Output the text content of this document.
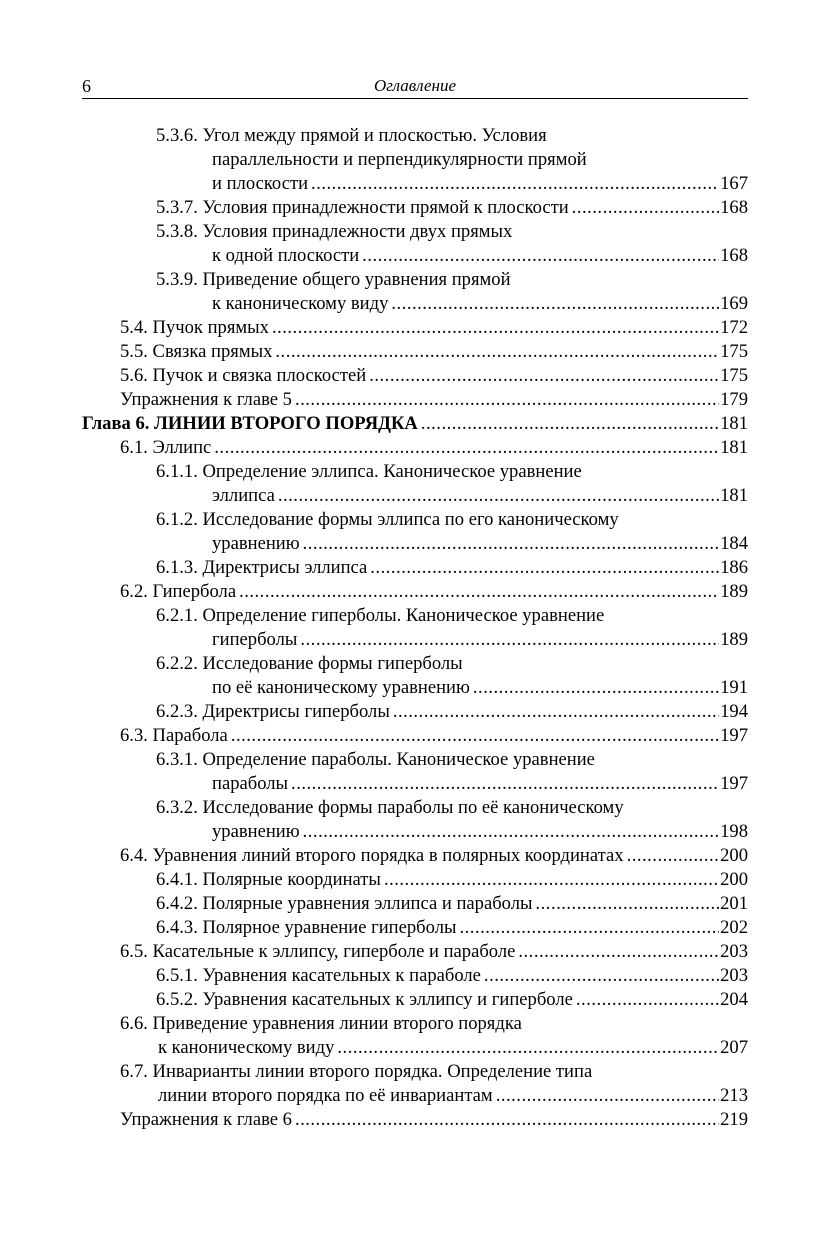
6	Оглавление
5.3.6. Угол между прямой и плоскостью. Условия
параллельности и перпендикулярности прямой
и плоскости .....	167
5.3.7. Условия принадлежности прямой к плоскости .....	168
5.3.8. Условия принадлежности двух прямых
к одной плоскости .....	168
5.3.9. Приведение общего уравнения прямой
к каноническому виду .....	169
5.4. Пучок прямых .....	172
5.5. Связка прямых .....	175
5.6. Пучок и связка плоскостей .....	175
Упражнения к главе 5 .....	179
Глава 6. ЛИНИИ ВТОРОГО ПОРЯДКА .....	181
6.1. Эллипс .....	181
6.1.1. Определение эллипса. Каноническое уравнение
эллипса .....	181
6.1.2. Исследование формы эллипса по его каноническому
уравнению .....	184
6.1.3. Директрисы эллипса .....	186
6.2. Гипербола .....	189
6.2.1. Определение гиперболы. Каноническое уравнение
гиперболы .....	189
6.2.2. Исследование формы гиперболы
по её каноническому уравнению .....	191
6.2.3. Директрисы гиперболы .....	194
6.3. Парабола .....	197
6.3.1. Определение параболы. Каноническое уравнение
параболы .....	197
6.3.2. Исследование формы параболы по её каноническому
уравнению .....	198
6.4. Уравнения линий второго порядка в полярных координатах .....	200
6.4.1. Полярные координаты .....	200
6.4.2. Полярные уравнения эллипса и параболы .....	201
6.4.3. Полярное уравнение гиперболы .....	202
6.5. Касательные к эллипсу, гиперболе и параболе .....	203
6.5.1. Уравнения касательных к параболе .....	203
6.5.2. Уравнения касательных к эллипсу и гиперболе .....	204
6.6. Приведение уравнения линии второго порядка
к каноническому виду .....	207
6.7. Инварианты линии второго порядка. Определение типа
линии второго порядка по её инвариантам .....	213
Упражнения к главе 6 .....	219
